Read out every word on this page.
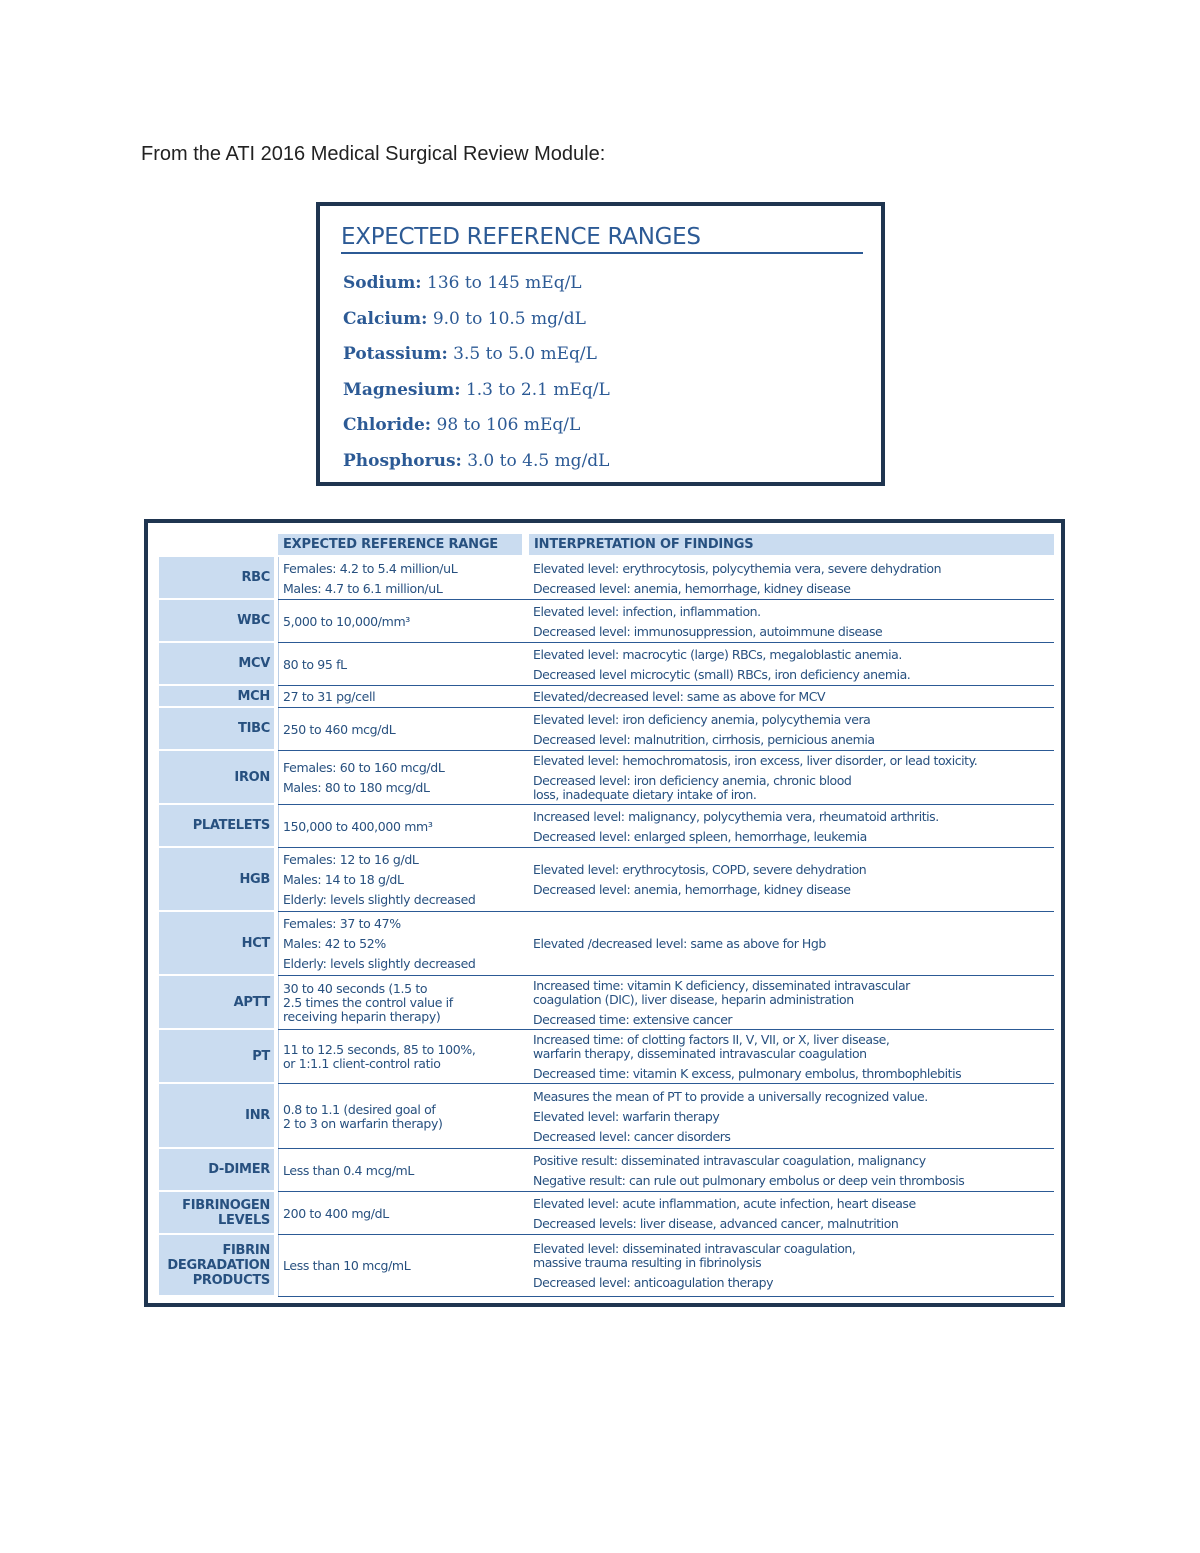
From the ATI 2016 Medical Surgical Review Module:
EXPECTED REFERENCE RANGES
Sodium: 136 to 145 mEq/L
Calcium: 9.0 to 10.5 mg/dL
Potassium: 3.5 to 5.0 mEq/L
Magnesium: 1.3 to 2.1 mEq/L
Chloride: 98 to 106 mEq/L
Phosphorus: 3.0 to 4.5 mg/dL
EXPECTED REFERENCE RANGE	INTERPRETATION OF FINDINGS
RBC
Females: 4.2 to 5.4 million/uL
Males: 4.7 to 6.1 million/uL
Elevated level: erythrocytosis, polycythemia vera, severe dehydration
Decreased level: anemia, hemorrhage, kidney disease
WBC 5,000 to 10,000/mm³
Elevated level: infection, inflammation.
Decreased level: immunosuppression, autoimmune disease
MCV 80 to 95 fL
Elevated level: macrocytic (large) RBCs, megaloblastic anemia.
Decreased level microcytic (small) RBCs, iron deficiency anemia.
MCH 27 to 31 pg/cell	Elevated/decreased level: same as above for MCV
TIBC 250 to 460 mcg/dL
Elevated level: iron deficiency anemia, polycythemia vera
Decreased level: malnutrition, cirrhosis, pernicious anemia
IRON
Females: 60 to 160 mcg/dL
Males: 80 to 180 mcg/dL
Elevated level: hemochromatosis, iron excess, liver disorder, or lead toxicity.
Decreased level: iron deficiency anemia, chronic blood
loss, inadequate dietary intake of iron.
PLATELETS 150,000 to 400,000 mm³
Increased level: malignancy, polycythemia vera, rheumatoid arthritis.
Decreased level: enlarged spleen, hemorrhage, leukemia
HGB
Females: 12 to 16 g/dL
Males: 14 to 18 g/dL
Elderly: levels slightly decreased
Elevated level: erythrocytosis, COPD, severe dehydration
Decreased level: anemia, hemorrhage, kidney disease
HCT
Females: 37 to 47%
Males: 42 to 52%
Elderly: levels slightly decreased
Elevated /decreased level: same as above for Hgb
APTT
30 to 40 seconds (1.5 to
2.5 times the control value if
receiving heparin therapy)
Increased time: vitamin K deficiency, disseminated intravascular
coagulation (DIC), liver disease, heparin administration
Decreased time: extensive cancer
PT 11 to 12.5 seconds, 85 to 100%,
or 1:1.1 client-control ratio
Increased time: of clotting factors II, V, VII, or X, liver disease,
warfarin therapy, disseminated intravascular coagulation
Decreased time: vitamin K excess, pulmonary embolus, thrombophlebitis
INR 0.8 to 1.1 (desired goal of
2 to 3 on warfarin therapy)
Measures the mean of PT to provide a universally recognized value.
Elevated level: warfarin therapy
Decreased level: cancer disorders
D-DIMER Less than 0.4 mcg/mL
Positive result: disseminated intravascular coagulation, malignancy
Negative result: can rule out pulmonary embolus or deep vein thrombosis
FIBRINOGEN
LEVELS 200 to 400 mg/dL
Elevated level: acute inflammation, acute infection, heart disease
Decreased levels: liver disease, advanced cancer, malnutrition
FIBRIN
DEGRADATION
PRODUCTS
Less than 10 mcg/mL
Elevated level: disseminated intravascular coagulation,
massive trauma resulting in fibrinolysis
Decreased level: anticoagulation therapy
